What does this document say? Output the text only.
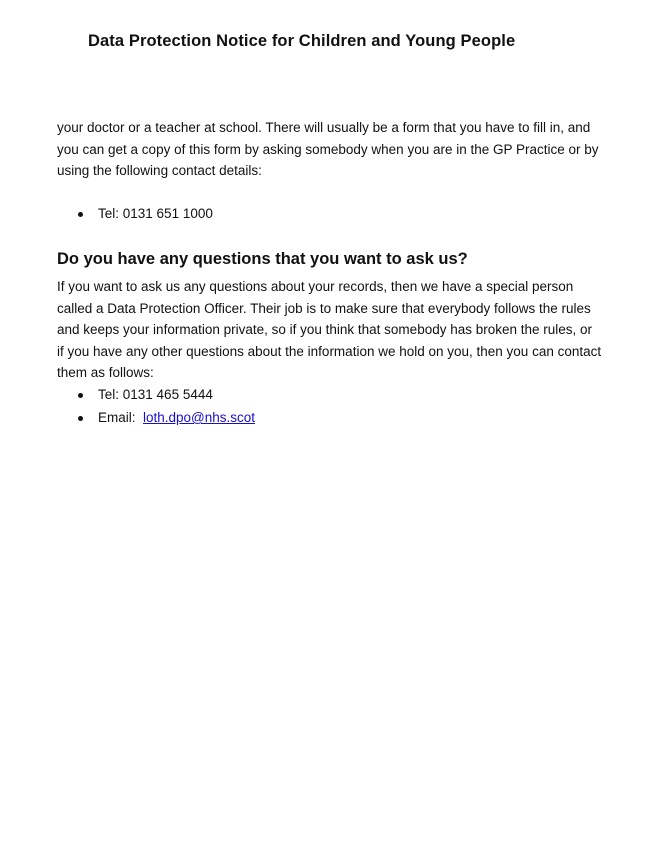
Data Protection Notice for Children and Young People

your doctor or a teacher at school. There will usually be a form that you have to fill in, and you can get a copy of this form by asking somebody when you are in the GP Practice or by using the following contact details:

Tel: 0131 651 1000
Do you have any questions that you want to ask us?

If you want to ask us any questions about your records, then we have a special person called a Data Protection Officer. Their job is to make sure that everybody follows the rules and keeps your information private, so if you think that somebody has broken the rules, or if you have any other questions about the information we hold on you, then you can contact them as follows:

Tel: 0131 465 5444
Email:  loth.dpo@nhs.scot
